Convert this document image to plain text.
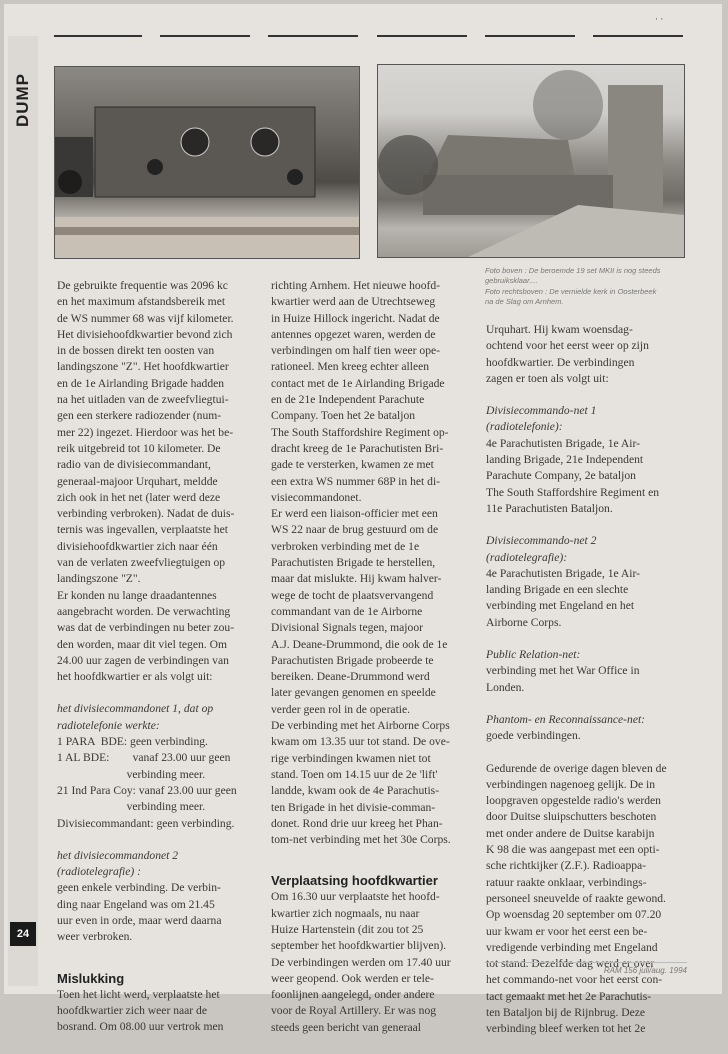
DUMP
· ·
Foto boven : De beroemde 19 set MKII is nog steeds
gebruiksklaar....
Foto rechtsboven : De vernielde kerk in Oosterbeek
na de Slag om Arnhem.

De gebruikte frequentie was 2096 kc
en het maximum afstandsbereik met
de WS nummer 68 was vijf kilometer.
Het divisiehoofdkwartier bevond zich
in de bossen direkt ten oosten van
landingszone "Z". Het hoofdkwartier
en de 1e Airlanding Brigade hadden
na het uitladen van de zweefvliegtui-
gen een sterkere radiozender (num-
mer 22) ingezet. Hierdoor was het be-
reik uitgebreid tot 10 kilometer. De
radio van de divisiecommandant,
generaal-majoor Urquhart, meldde
zich ook in het net (later werd deze
verbinding verbroken). Nadat de duis-
ternis was ingevallen, verplaatste het
divisiehoofdkwartier zich naar één
van de verlaten zweefvliegtuigen op
landingszone "Z".
Er konden nu lange draadantennes
aangebracht worden. De verwachting
was dat de verbindingen nu beter zou-
den worden, maar dit viel tegen. Om
24.00 uur zagen de verbindingen van
het hoofdkwartier er als volgt uit:

het divisiecommandonet 1, dat op
radiotelefonie werkte:

1 PARA  BDE: geen verbinding.
1 AL BDE:        vanaf 23.00 uur geen
verbinding meer.
21 Ind Para Coy: vanaf 23.00 uur geen
verbinding meer.
Divisiecommandant: geen verbinding.

het divisiecommandonet 2
(radiotelegrafie) :

geen enkele verbinding. De verbin-
ding naar Engeland was om 21.45
uur even in orde, maar werd daarna
weer verbroken.

Mislukking

Toen het licht werd, verplaatste het
hoofdkwartier zich weer naar de
bosrand. Om 08.00 uur vertrok men

richting Arnhem. Het nieuwe hoofd-
kwartier werd aan de Utrechtseweg
in Huize Hillock ingericht. Nadat de
antennes opgezet waren, werden de
verbindingen om half tien weer ope-
rationeel. Men kreeg echter alleen
contact met de 1e Airlanding Brigade
en de 21e Independent Parachute
Company. Toen het 2e bataljon
The South Staffordshire Regiment op-
dracht kreeg de 1e Parachutisten Bri-
gade te versterken, kwamen ze met
een extra WS nummer 68P in het di-
visiecommandonet.
Er werd een liaison-officier met een
WS 22 naar de brug gestuurd om de
verbroken verbinding met de 1e
Parachutisten Brigade te herstellen,
maar dat mislukte. Hij kwam halver-
wege de tocht de plaatsvervangend
commandant van de 1e Airborne
Divisional Signals tegen, majoor
A.J. Deane-Drummond, die ook de 1e
Parachutisten Brigade probeerde te
bereiken. Deane-Drummond werd
later gevangen genomen en speelde
verder geen rol in de operatie.
De verbinding met het Airborne Corps
kwam om 13.35 uur tot stand. De ove-
rige verbindingen kwamen niet tot
stand. Toen om 14.15 uur de 2e 'lift'
landde, kwam ook de 4e Parachutis-
ten Brigade in het divisie-comman-
donet. Rond drie uur kreeg het Phan-
tom-net verbinding met het 30e Corps.

Verplaatsing hoofdkwartier

Om 16.30 uur verplaatste het hoofd-
kwartier zich nogmaals, nu naar
Huize Hartenstein (dit zou tot 25
september het hoofdkwartier blijven).
De verbindingen werden om 17.40 uur
weer geopend. Ook werden er tele-
foonlijnen aangelegd, onder andere
voor de Royal Artillery. Er was nog
steeds geen bericht van generaal

Urquhart. Hij kwam woensdag-
ochtend voor het eerst weer op zijn
hoofdkwartier. De verbindingen
zagen er toen als volgt uit:

Divisiecommando-net 1
(radiotelefonie):

4e Parachutisten Brigade, 1e Air-
landing Brigade, 21e Independent
Parachute Company, 2e bataljon
The South Staffordshire Regiment en
11e Parachutisten Bataljon.

Divisiecommando-net 2
(radiotelegrafie):

4e Parachutisten Brigade, 1e Air-
landing Brigade en een slechte
verbinding met Engeland en het
Airborne Corps.

Public Relation-net:

verbinding met het War Office in
Londen.

Phantom- en Reconnaissance-net:

goede verbindingen.

Gedurende de overige dagen bleven de
verbindingen nagenoeg gelijk. De in
loopgraven opgestelde radio's werden
door Duitse sluipschutters beschoten
met onder andere de Duitse karabijn
K 98 die was aangepast met een opti-
sche richtkijker (Z.F.). Radioappa-
ratuur raakte onklaar, verbindings-
personeel sneuvelde of raakte gewond.
Op woensdag 20 september om 07.20
uur kwam er voor het eerst een be-
vredigende verbinding met Engeland
tot stand. Dezelfde dag werd er over
het commando-net voor het eerst con-
tact gemaakt met het 2e Parachutis-
ten Bataljon bij de Rijnbrug. Deze
verbinding bleef werken tot het 2e

24
RAM 156 juli/aug. 1994
